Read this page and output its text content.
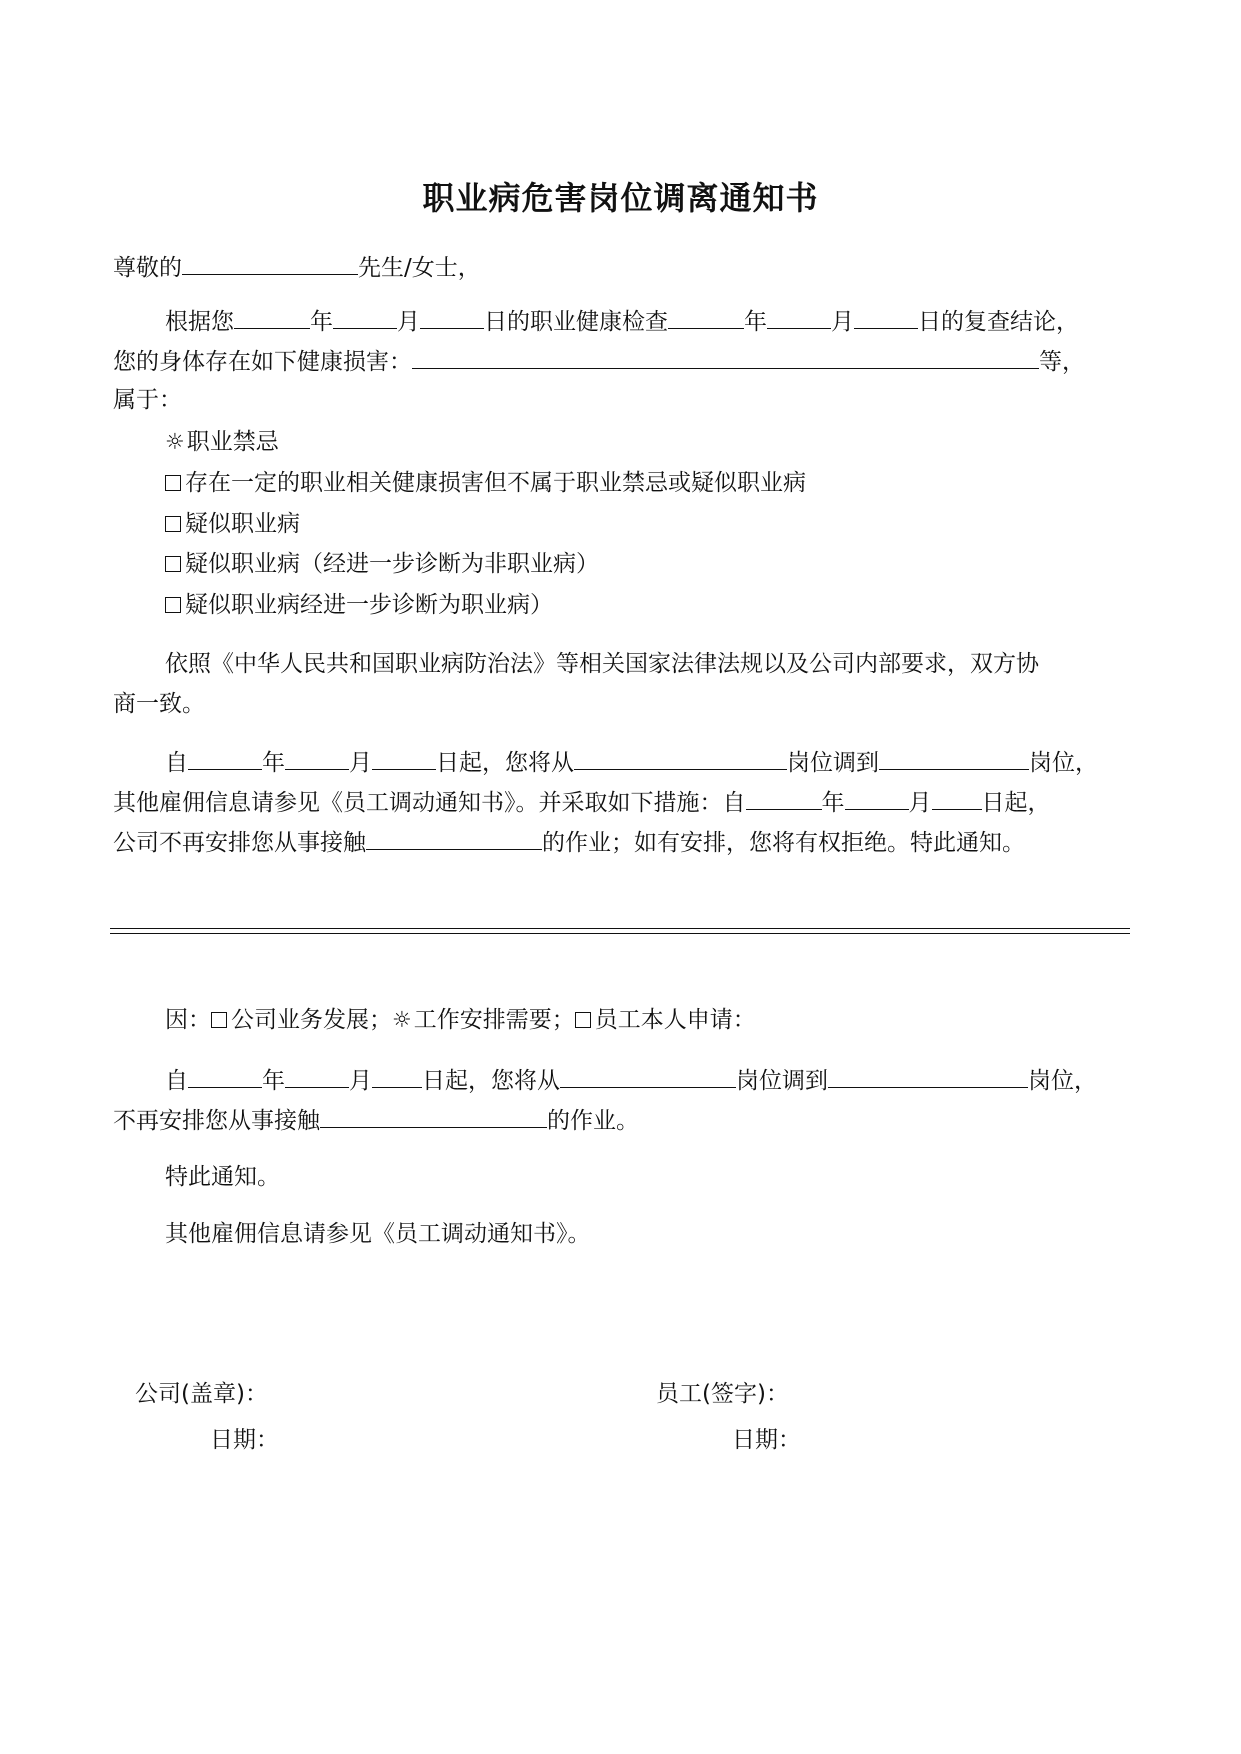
职业病危害岗位调离通知书
尊敬的	先生/女士，
根据您	年	月	日的职业健康检查	年	月	日的复查结论，
您的身体存在如下健康损害：	等，
属于：
☼职业禁忌
存在一定的职业相关健康损害但不属于职业禁忌或疑似职业病
疑似职业病
疑似职业病（经进一步诊断为非职业病）
疑似职业病经进一步诊断为职业病）
依照《中华人民共和国职业病防治法》等相关国家法律法规以及公司内部要求，双方协
商一致。
自	年	月	日起，您将从	岗位调到	岗位，
其他雇佣信息请参见《员工调动通知书》。并采取如下措施：自	年	月 日起，
公司不再安排您从事接触	的作业；如有安排，您将有权拒绝。特此通知。
因： 公司业务发展；☼工作安排需要； 员工本人申请：
自	年	月 日起，您将从	岗位调到	岗位，
不再安排您从事接触	的作业。
特此通知。
其他雇佣信息请参见《员工调动通知书》。
公司(盖章)：
日期：
员工(签字)：
日期：
